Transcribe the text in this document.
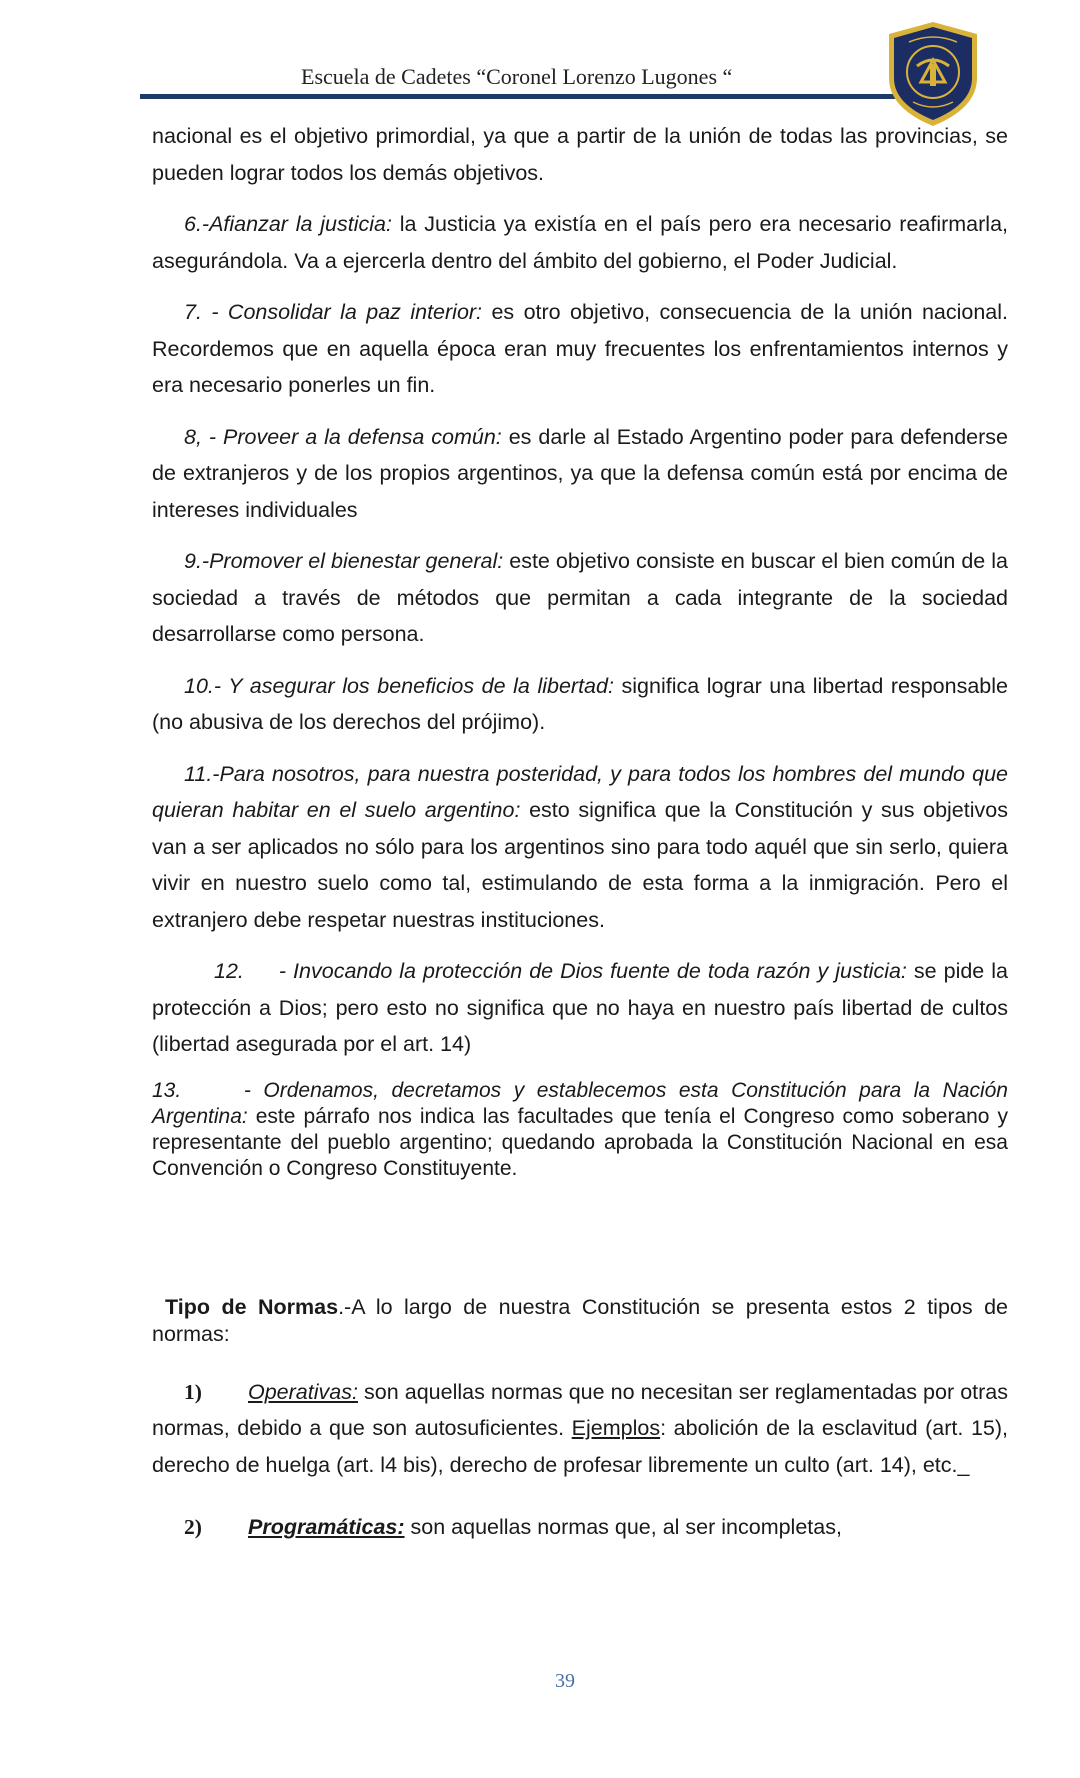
Escuela de Cadetes “Coronel Lorenzo Lugones “

nacional es el objetivo primordial, ya que a partir de la unión de todas las provincias, se pueden lograr todos los demás objetivos.

6.-Afianzar la justicia: la Justicia ya existía en el país pero era necesario reafirmarla, asegurándola. Va a ejercerla dentro del ámbito del gobierno, el Poder Judicial.

7. - Consolidar la paz interior: es otro objetivo, consecuencia de la unión nacional. Recordemos que en aquella época eran muy frecuentes los enfrentamientos internos y era necesario ponerles un fin.

8, - Proveer a la defensa común: es darle al Estado Argentino poder para defenderse de extranjeros y de los propios argentinos, ya que la defensa común está por encima de intereses individuales

9.-Promover el bienestar general: este objetivo consiste en buscar el bien común de la sociedad a través de métodos que permitan a cada integrante de la sociedad desarrollarse como persona.

10.- Y asegurar los beneficios de la libertad: significa lograr una libertad responsable (no abusiva de los derechos del prójimo).

11.-Para nosotros, para nuestra posteridad, y para todos los hombres del mundo que quieran habitar en el suelo argentino: esto significa que la Constitución y sus objetivos van a ser aplicados no sólo para los argentinos sino para todo aquél que sin serlo, quiera vivir en nuestro suelo como tal, estimulando de esta forma a la inmigración. Pero el extranjero debe respetar nuestras instituciones.

12.     - Invocando la protección de Dios fuente de toda razón y justicia: se pide la protección a Dios; pero esto no significa que no haya en nuestro país libertad de cultos (libertad asegurada por el art. 14)

13.     - Ordenamos, decretamos y establecemos esta Constitución para la Nación Argentina: este párrafo nos indica las facultades que tenía el Congreso como soberano y representante del pueblo argentino; quedando aprobada la Constitución Nacional en esa Convención o Congreso Constituyente.

Tipo de Normas.-A lo largo de nuestra Constitución se presenta estos 2 tipos de normas:

1) Operativas: son aquellas normas que no necesitan ser reglamentadas por otras normas, debido a que son autosuficientes. Ejemplos: abolición de la esclavitud (art. 15), derecho de huelga (art. l4 bis), derecho de profesar libremente un culto (art. 14), etc._

2) Programáticas: son aquellas normas que, al ser incompletas,

39
